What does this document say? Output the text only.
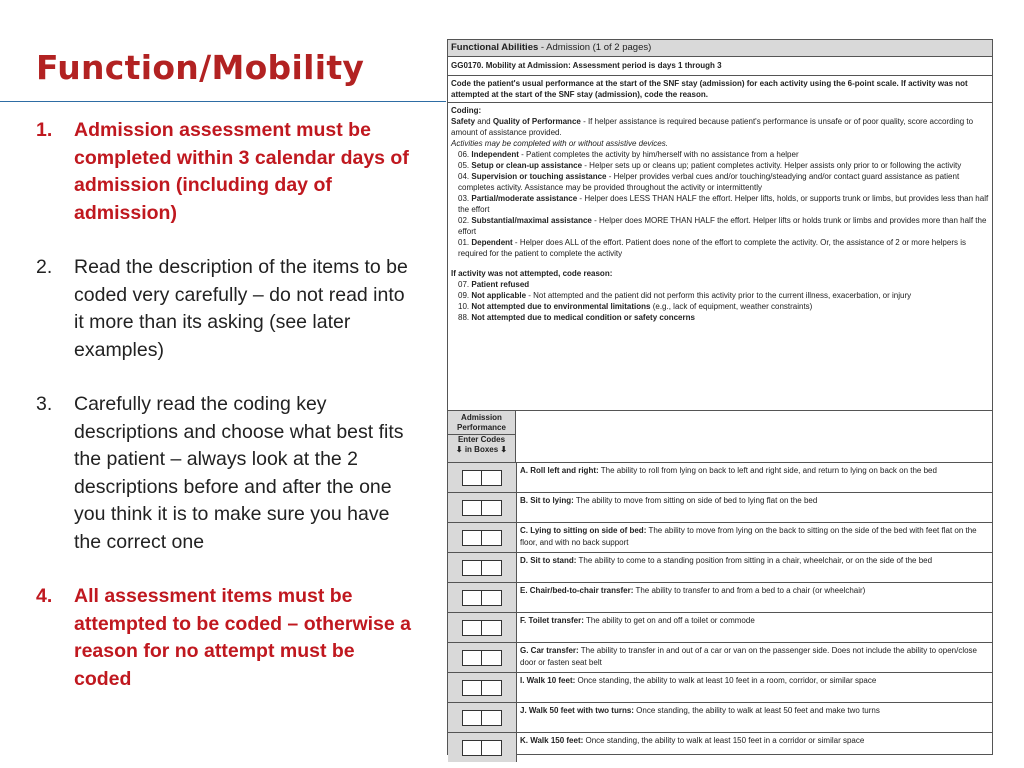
Function/Mobility
1.	Admission assessment must be completed within 3 calendar days of admission (including day of admission)
2.	Read the description of the items to be coded very carefully – do not read into it more than its asking (see later examples)
3.	Carefully read the coding key descriptions and choose what best fits the patient – always look at the 2 descriptions before and after the one you think it is to make sure you have the correct one
4.	All assessment items must be attempted to be coded – otherwise a reason for no attempt must be coded
Functional Abilities - Admission (1 of 2 pages)
GG0170. Mobility at Admission: Assessment period is days 1 through 3
Code the patient's usual performance at the start of the SNF stay (admission) for each activity using the 6-point scale. If activity was not attempted at the start of the SNF stay (admission), code the reason.
Coding:
Safety and Quality of Performance - If helper assistance is required because patient's performance is unsafe or of poor quality, score according to amount of assistance provided.
Activities may be completed with or without assistive devices.
06. Independent - Patient completes the activity by him/herself with no assistance from a helper
05. Setup or clean-up assistance - Helper sets up or cleans up; patient completes activity. Helper assists only prior to or following the activity
04. Supervision or touching assistance - Helper provides verbal cues and/or touching/steadying and/or contact guard assistance as patient completes activity. Assistance may be provided throughout the activity or intermittently
03. Partial/moderate assistance - Helper does LESS THAN HALF the effort. Helper lifts, holds, or supports trunk or limbs, but provides less than half the effort
02. Substantial/maximal assistance - Helper does MORE THAN HALF the effort. Helper lifts or holds trunk or limbs and provides more than half the effort
01. Dependent - Helper does ALL of the effort. Patient does none of the effort to complete the activity. Or, the assistance of 2 or more helpers is required for the patient to complete the activity
If activity was not attempted, code reason:
07. Patient refused
09. Not applicable - Not attempted and the patient did not perform this activity prior to the current illness, exacerbation, or injury
10. Not attempted due to environmental limitations (e.g., lack of equipment, weather constraints)
88. Not attempted due to medical condition or safety concerns
Admission
Performance
Enter Codes
⬇ in Boxes ⬇
A. Roll left and right: The ability to roll from lying on back to left and right side, and return to lying on back on the bed
B. Sit to lying: The ability to move from sitting on side of bed to lying flat on the bed
C. Lying to sitting on side of bed: The ability to move from lying on the back to sitting on the side of the bed with feet flat on the floor, and with no back support
D. Sit to stand: The ability to come to a standing position from sitting in a chair, wheelchair, or on the side of the bed
E. Chair/bed-to-chair transfer: The ability to transfer to and from a bed to a chair (or wheelchair)
F. Toilet transfer: The ability to get on and off a toilet or commode
G. Car transfer: The ability to transfer in and out of a car or van on the passenger side. Does not include the ability to open/close door or fasten seat belt
I. Walk 10 feet: Once standing, the ability to walk at least 10 feet in a room, corridor, or similar space
J. Walk 50 feet with two turns: Once standing, the ability to walk at least 50 feet and make two turns
K. Walk 150 feet: Once standing, the ability to walk at least 150 feet in a corridor or similar space
